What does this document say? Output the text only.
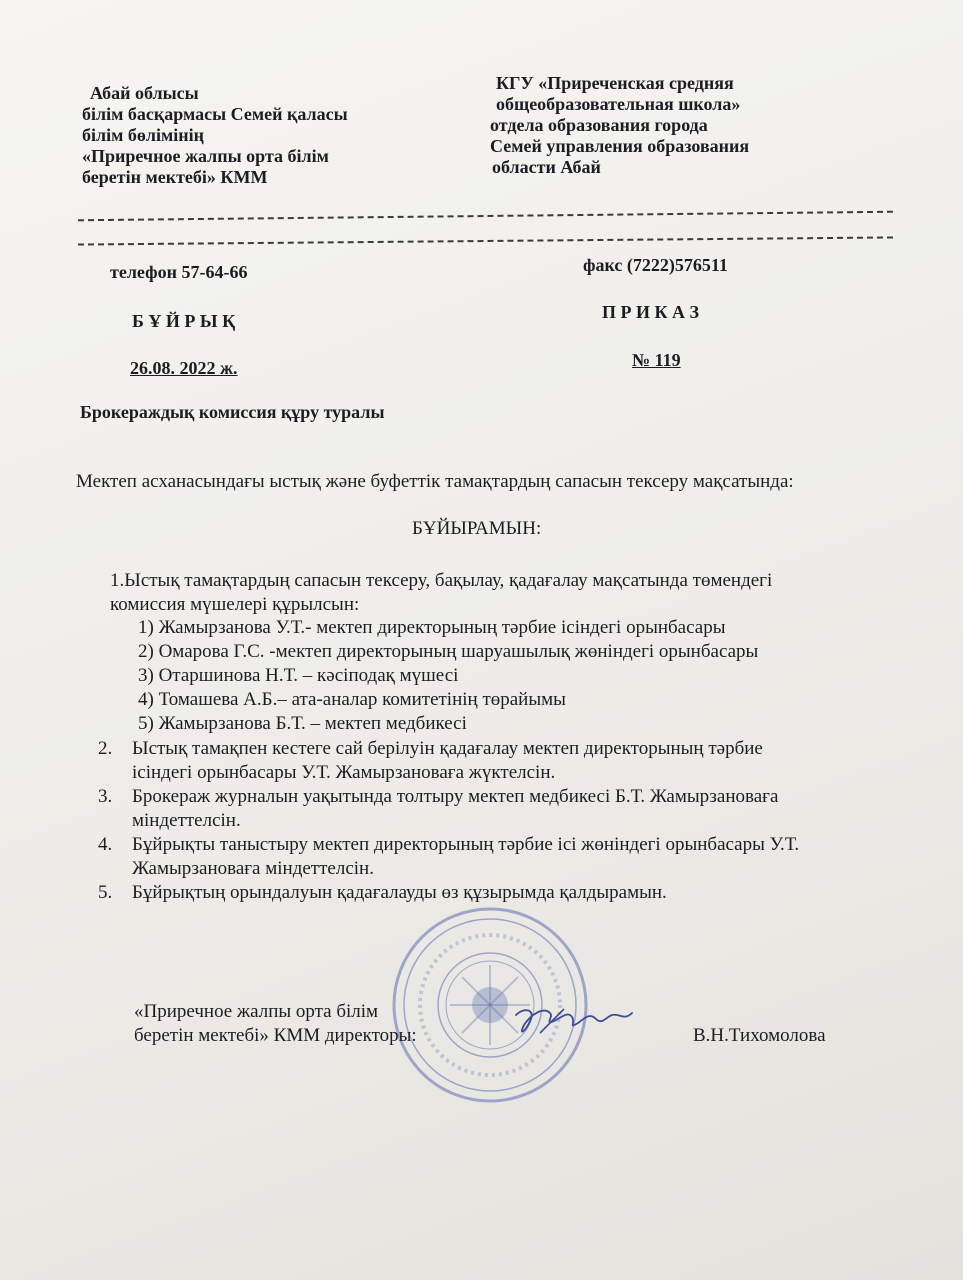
Абай облысы
білім басқармасы Семей қаласы
білім бөлімінің
«Приречное жалпы орта білім
беретін мектебі» КММ
КГУ «Приреченская средняя
общеобразовательная школа»
отдела образования города
Семей управления образования
области Абай
телефон 57-64-66	факс (7222)576511
Б Ұ Й Р Ы Қ	П Р И К А З
26.08. 2022 ж.	№ 119
Брокераждық комиссия құру туралы
Мектеп асханасындағы ыстық және буфеттік тамақтардың сапасын тексеру мақсатында:
БҰЙЫРАМЫН:
1.Ыстық тамақтардың сапасын тексеру, бақылау, қадағалау мақсатында төмендегі
комиссия мүшелері құрылсын:
1) Жамырзанова У.Т.- мектеп директорының тәрбие ісіндегі орынбасары
2) Омарова Г.С. -мектеп директорының шаруашылық жөніндегі орынбасары
3) Отаршинова Н.Т. – кәсіподақ мүшесі
4) Томашева А.Б.– ата-аналар комитетінің төрайымы
5) Жамырзанова Б.Т. – мектеп медбикесі
2.	Ыстық тамақпен кестеге сай берілуін қадағалау мектеп директорының тәрбие
ісіндегі орынбасары У.Т. Жамырзановаға жүктелсін.
3.	Брокераж журналын уақытында толтыру мектеп медбикесі Б.Т. Жамырзановаға
міндеттелсін.
4.	Бұйрықты таныстыру мектеп директорының тәрбие ісі жөніндегі орынбасары У.Т.
Жамырзановаға міндеттелсін.
5.	Бұйрықтың орындалуын қадағалауды өз құзырымда қалдырамын.
«Приречное жалпы орта білім
беретін мектебі» КММ директоры:	В.Н.Тихомолова
